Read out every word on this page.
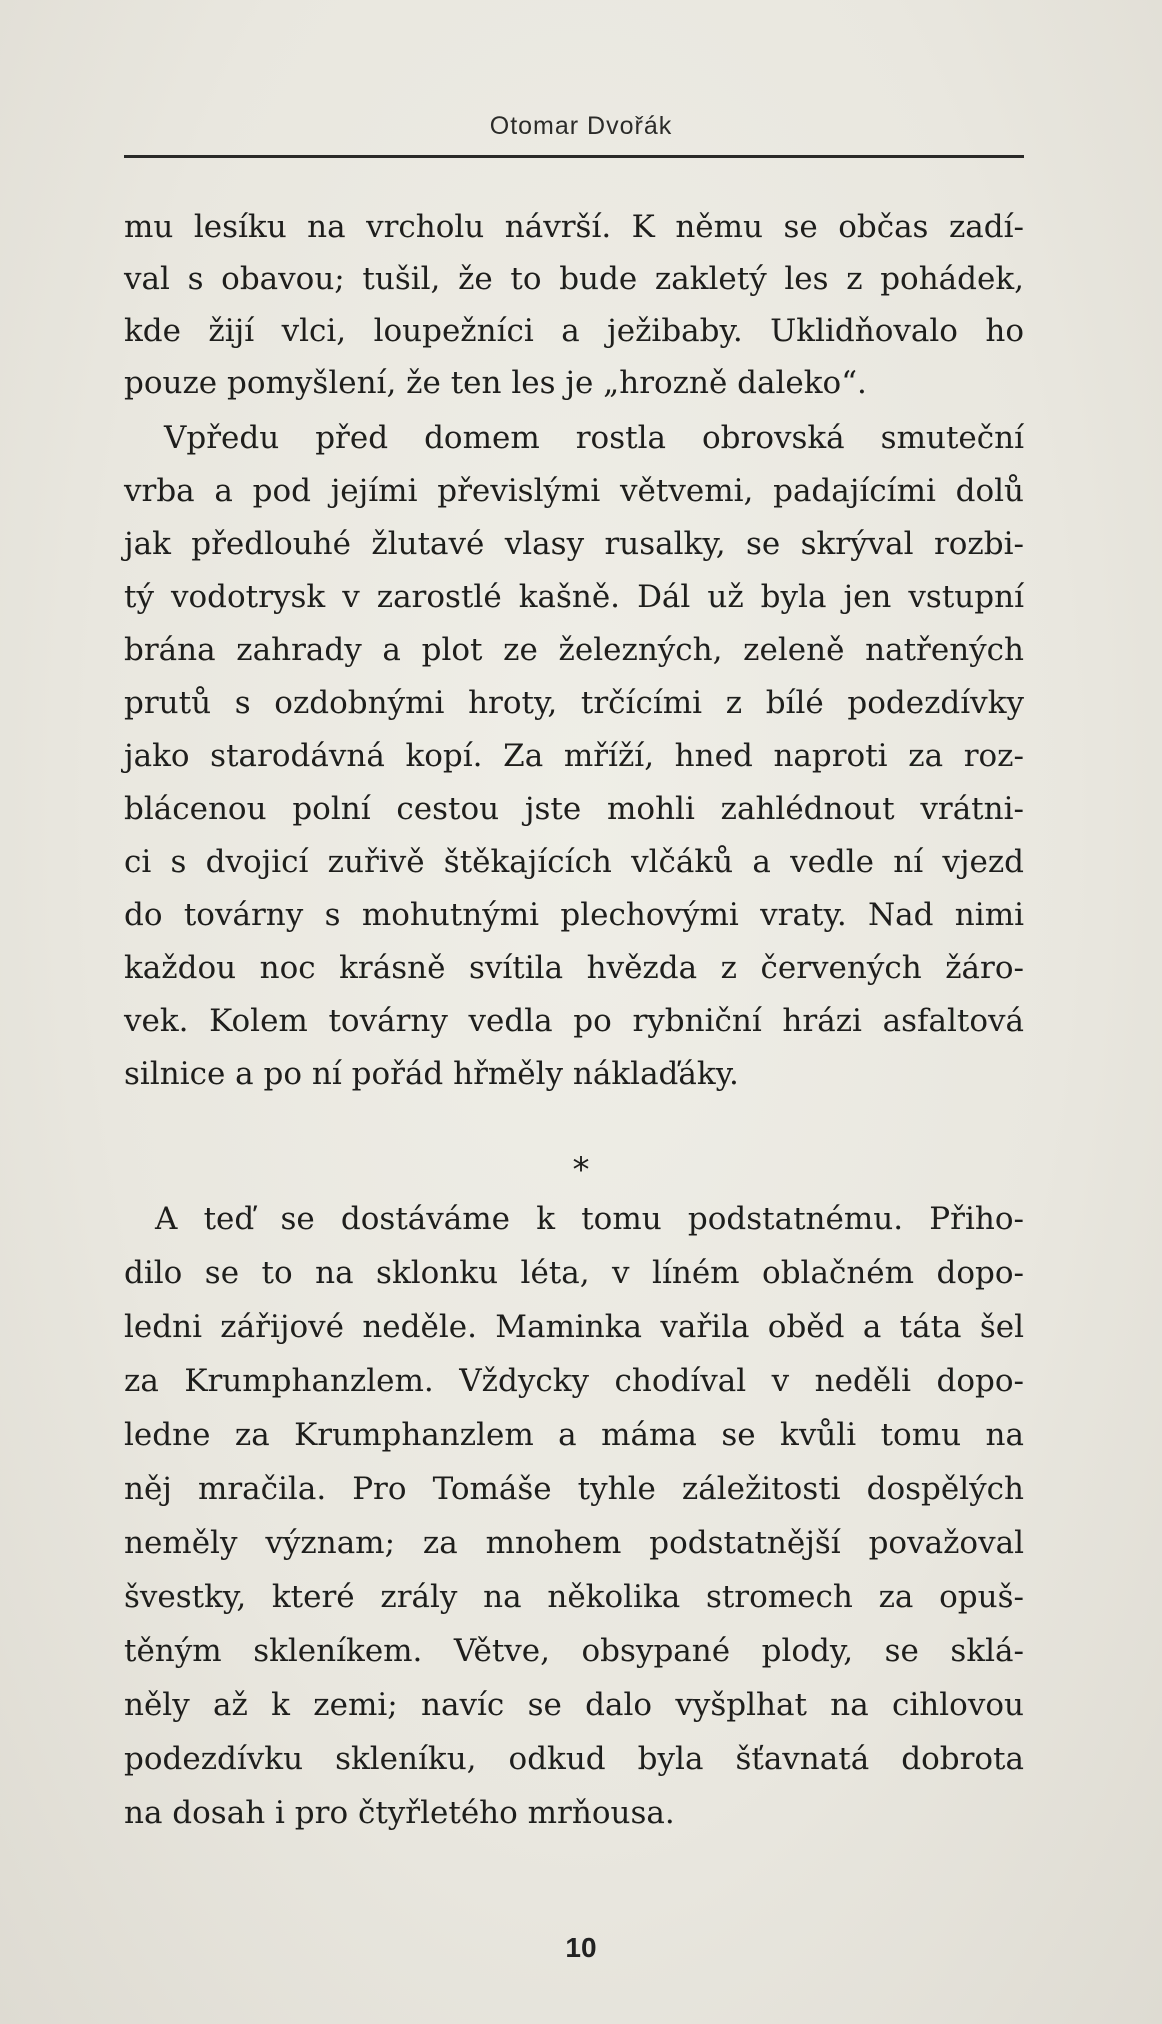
Otomar Dvořák
mu lesíku na vrcholu návrší. K němu se občas zadí-
val s obavou; tušil, že to bude zakletý les z pohádek,
kde žijí vlci, loupežníci a ježibaby. Uklidňovalo ho
pouze pomyšlení, že ten les je „hrozně daleko“.
Vpředu před domem rostla obrovská smuteční
vrba a pod jejími převislými větvemi, padajícími dolů
jak předlouhé žlutavé vlasy rusalky, se skrýval rozbi-
tý vodotrysk v zarostlé kašně. Dál už byla jen vstupní
brána zahrady a plot ze železných, zeleně natřených
prutů s ozdobnými hroty, trčícími z bílé podezdívky
jako starodávná kopí. Za mříží, hned naproti za roz-
blácenou polní cestou jste mohli zahlédnout vrátni-
ci s dvojicí zuřivě štěkajících vlčáků a vedle ní vjezd
do továrny s mohutnými plechovými vraty. Nad nimi
každou noc krásně svítila hvězda z červených žáro-
vek. Kolem továrny vedla po rybniční hrázi asfaltová
silnice a po ní pořád hřměly náklaďáky.
*
A teď se dostáváme k tomu podstatnému. Přiho-
dilo se to na sklonku léta, v líném oblačném dopo-
ledni zářijové neděle. Maminka vařila oběd a táta šel
za Krumphanzlem. Vždycky chodíval v neděli dopo-
ledne za Krumphanzlem a máma se kvůli tomu na
něj mračila. Pro Tomáše tyhle záležitosti dospělých
neměly význam; za mnohem podstatnější považoval
švestky, které zrály na několika stromech za opuš-
těným skleníkem. Větve, obsypané plody, se sklá-
něly až k zemi; navíc se dalo vyšplhat na cihlovou
podezdívku skleníku, odkud byla šťavnatá dobrota
na dosah i pro čtyřletého mrňousa.
10
